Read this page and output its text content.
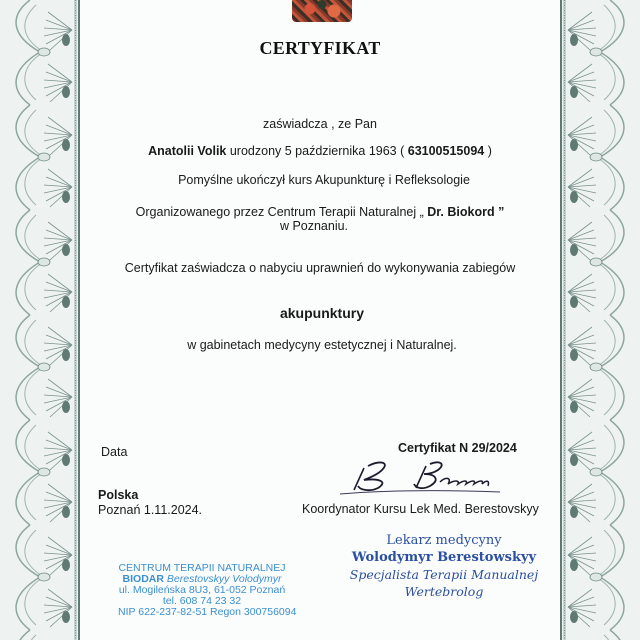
CERTYFIKAT
zaświadcza , ze Pan
Anatolii Volik urodzony 5 października 1963 ( 63100515094 )
Pomyślne ukończył kurs Akupunkturę i Refleksologie
Organizowanego przez Centrum Terapii Naturalnej „ Dr. Biokord ”
w Poznaniu.
Certyfikat zaświadcza o nabyciu uprawnień do wykonywania zabiegów
akupunktury
w gabinetach medycyny estetycznej i Naturalnej.
Data
Polska
Poznań 1.11.2024.
Certyfikat N 29/2024
Koordynator Kursu Lek Med. Berestovskyy
CENTRUM TERAPII NATURALNEJ
BIODAR Berestovskyy Volodymyr
ul. Mogileńska 8U3, 61-052 Poznań
tel. 608 74 23 32
NIP 622-237-82-51 Regon 300756094
Lekarz medycyny
Wolodymyr Berestowskyy
Specjalista Terapii Manualnej
Wertebrolog
